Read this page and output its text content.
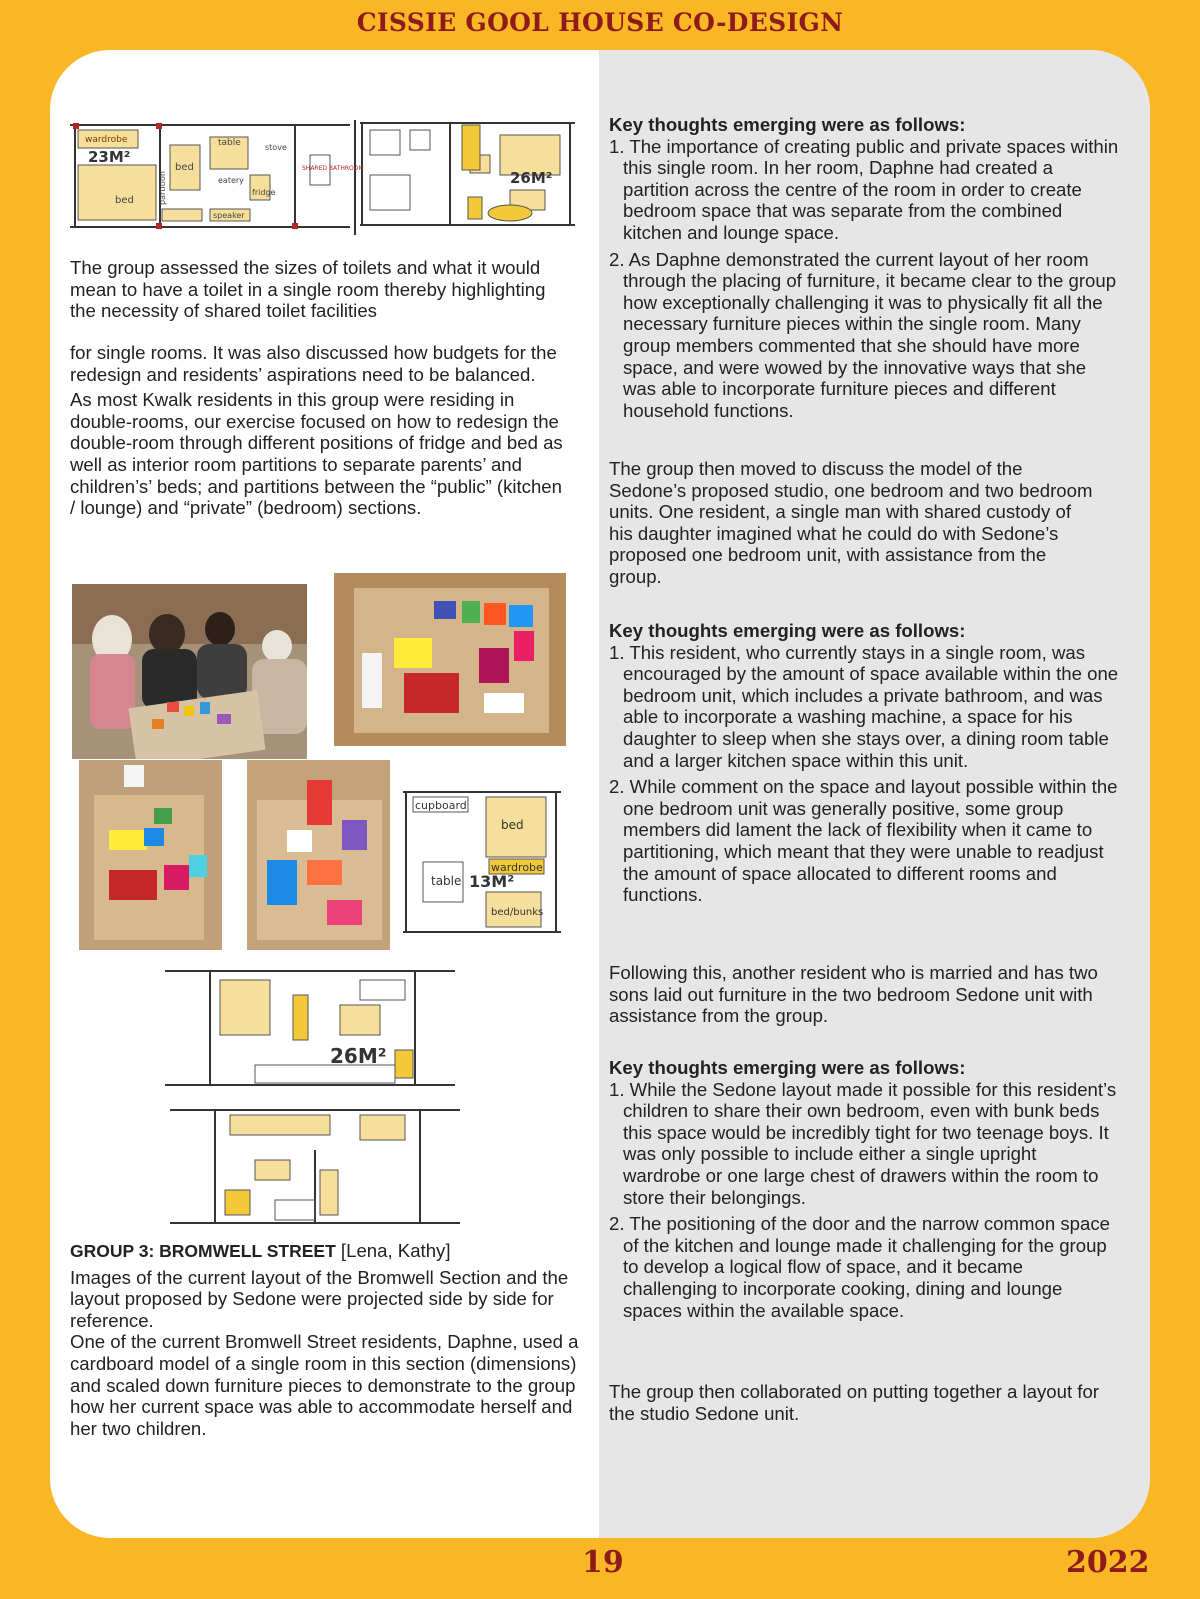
CISSIE GOOL HOUSE CO-DESIGN
23M²
26M²
wardrobe
bed
bed
partition
table	stove
eatery
fridge
speaker
SHARED BATHROOM

The group assessed the sizes of toilets and what it would mean to have a toilet in a single room thereby highlighting the necessity of shared toilet facilities

for single rooms. It was also discussed how budgets for the redesign and residents’ aspirations need to be balanced.

As most Kwalk residents in this group were residing in double-rooms, our exercise focused on how to redesign the double-room through different positions of fridge and bed as well as interior room partitions to separate parents’ and children’s’ beds; and partitions between the “public” (kitchen / lounge) and “private” (bedroom) sections.

cupboard
bed
wardrobe
table 13M²
bed/bunks
26M²

GROUP 3: BROMWELL STREET [Lena, Kathy]

Images of the current layout of the Bromwell Section and the layout proposed by Sedone were projected side by side for reference.

One of the current Bromwell Street residents, Daphne, used a cardboard model of a single room in this section (dimensions) and scaled down furniture pieces to demonstrate to the group how her current space was able to accommodate herself and her two children.

Key thoughts emerging were as follows:

1. The importance of creating public and private spaces within this single room. In her room, Daphne had created a partition across the centre of the room in order to create bedroom space that was separate from the combined kitchen and lounge space.
2. As Daphne demonstrated the current layout of her room through the placing of furniture, it became clear to the group how exceptionally challenging it was to physically fit all the necessary furniture pieces within the single room. Many group members commented that she should have more space, and were wowed by the innovative ways that she was able to incorporate furniture pieces and different household functions.

The group then moved to discuss the model of the Sedone’s proposed studio, one bedroom and two bedroom units. One resident, a single man with shared custody of his daughter imagined what he could do with Sedone’s proposed one bedroom unit, with assistance from the group.

Key thoughts emerging were as follows:

1. This resident, who currently stays in a single room, was encouraged by the amount of space available within the one bedroom unit, which includes a private bathroom, and was able to incorporate a washing machine, a space for his daughter to sleep when she stays over, a dining room table and a larger kitchen space within this unit.
2. While comment on the space and layout possible within the one bedroom unit was generally positive, some group members did lament the lack of flexibility when it came to partitioning, which meant that they were unable to readjust the amount of space allocated to different rooms and functions.

Following this, another resident who is married and has two sons laid out furniture in the two bedroom Sedone unit with assistance from the group.

Key thoughts emerging were as follows:

1. While the Sedone layout made it possible for this resident’s children to share their own bedroom, even with bunk beds this space would be incredibly tight for two teenage boys. It was only possible to include either a single upright wardrobe or one large chest of drawers within the room to store their belongings.
2. The positioning of the door and the narrow common space of the kitchen and lounge made it challenging for the group to develop a logical flow of space, and it became challenging to incorporate cooking, dining and lounge spaces within the available space.

The group then collaborated on putting together a layout for the studio Sedone unit.

19	2022
